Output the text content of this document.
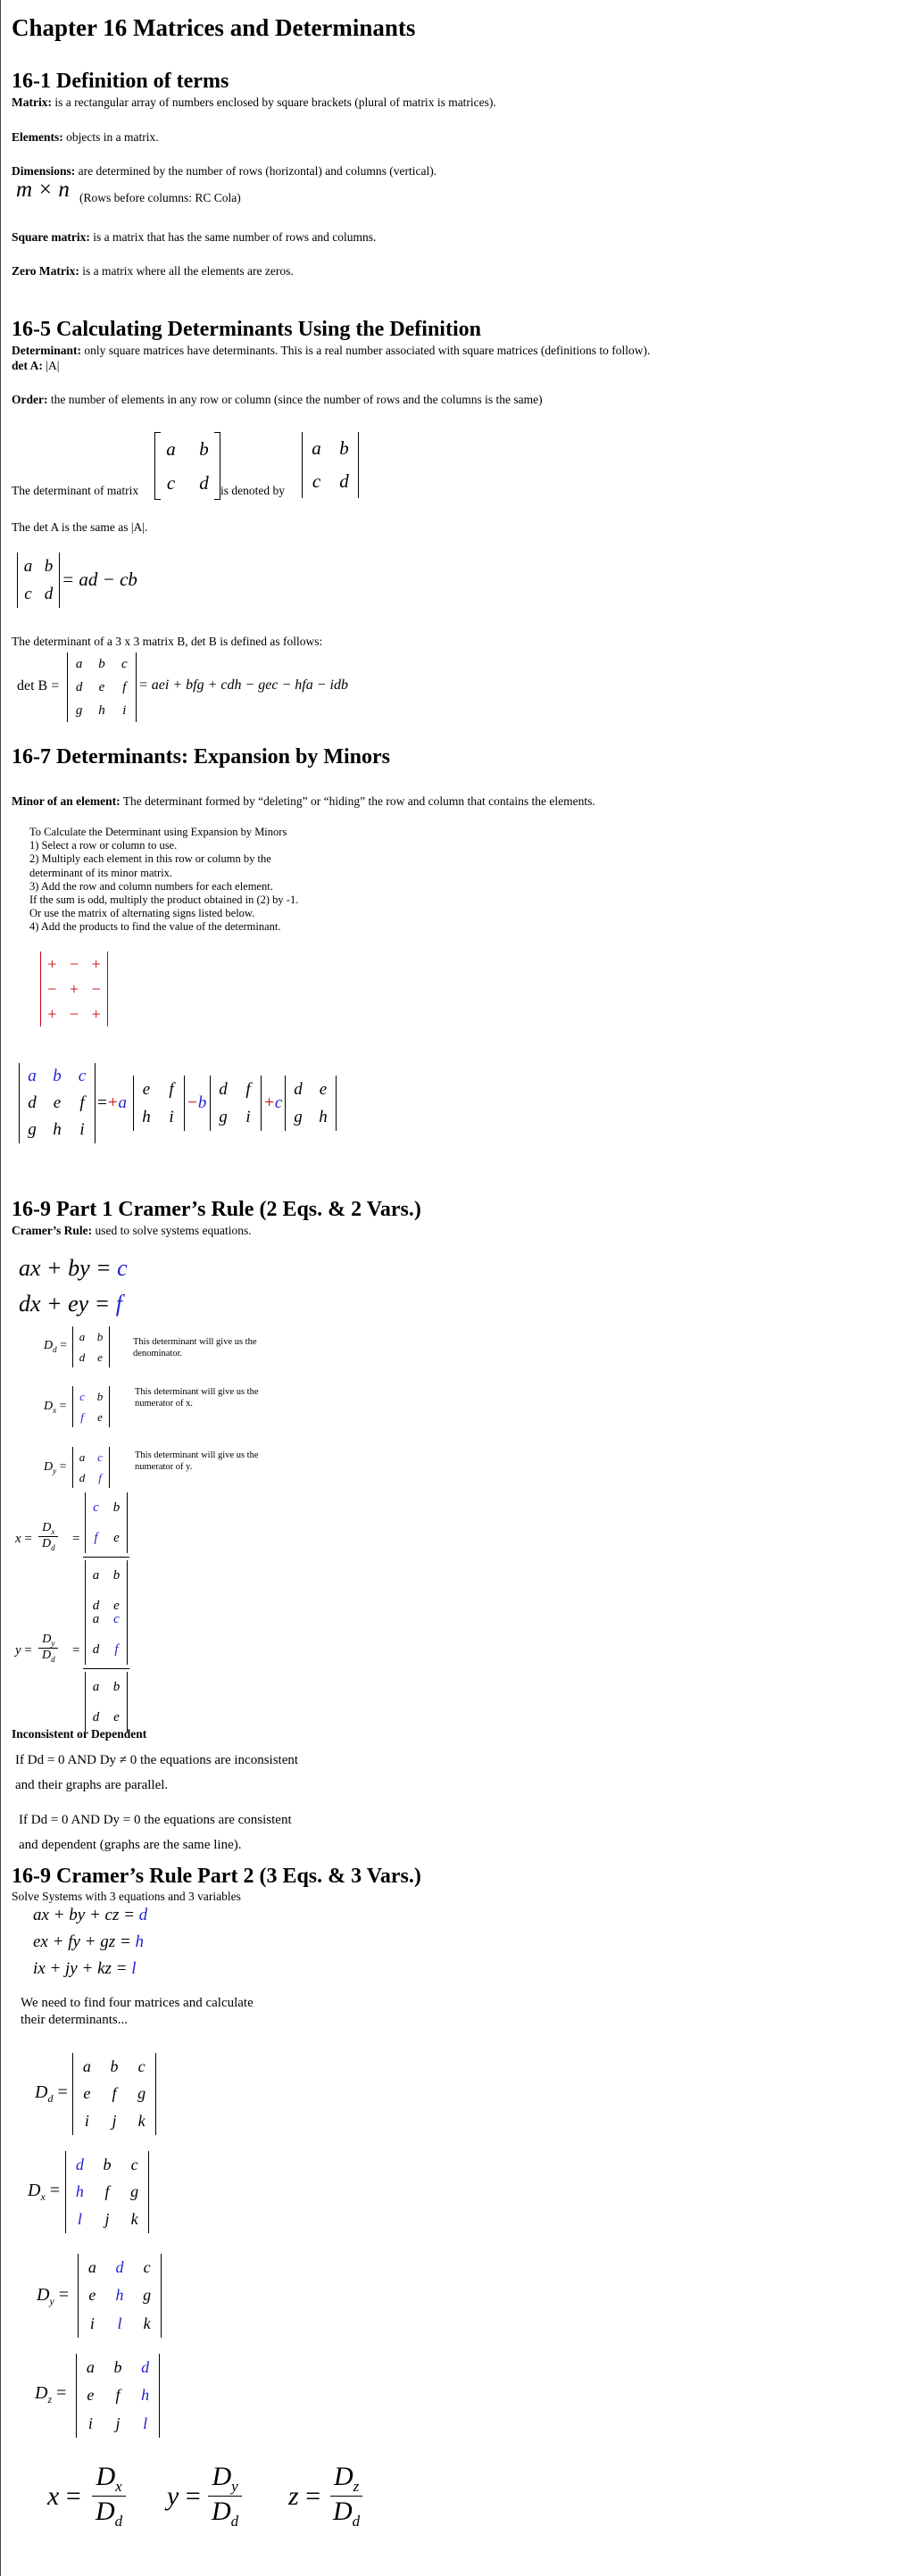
Chapter 16 Matrices and Determinants
16-1 Definition of terms

Matrix: is a rectangular array of numbers enclosed by square brackets (plural of matrix is matrices).

Elements: objects in a matrix.

Dimensions: are determined by the number of rows (horizontal) and columns (vertical).

m × n (Rows before columns: RC Cola)

Square matrix: is a matrix that has the same number of rows and columns.

Zero Matrix: is a matrix where all the elements are zeros.

16-5 Calculating Determinants Using the Definition

Determinant: only square matrices have determinants. This is a real number associated with square matrices (definitions to follow).

det A: |A|

Order: the number of elements in any row or column (since the number of rows and the columns is the same)

The determinant of matrix
a b
c d is denoted by
a b
c d

The det A is the same as |A|.

a b
c d
= ad − cb

The determinant of a 3 x 3 matrix B, det B is defined as follows:

det B =
a b c
d e f
g h i
= aei + bfg + cdh − gec − hfa − idb
16-7 Determinants: Expansion by Minors

Minor of an element: The determinant formed by “deleting” or “hiding” the row and column that contains the elements.

To Calculate the Determinant using Expansion by Minors
1) Select a row or column to use.
2) Multiply each element in this row or column by the
determinant of its minor matrix.
3) Add the row and column numbers for each element.
If the sum is odd, multiply the product obtained in (2) by -1.
Or use the matrix of alternating signs listed below.
4) Add the products to find the value of the determinant.
+ − +
− + −
+ − +
a b c
d e f
g h i
=+a
e f
h i
−b
d f
g i
+c
d e
g h
16-9 Part 1 Cramer’s Rule (2 Eqs. & 2 Vars.)

Cramer’s Rule: used to solve systems equations.

ax + by = c
dx + ey = f
$D_d$ =
a b
d e
This determinant will give us the denominator.
$D_x$ =
c b
f e
This determinant will give us the numerator of x.
$D_y$ =
a c
d f
This determinant will give us the numerator of y.
$x = \frac{D_x}{D_d}$ =
c b
f e
a b
d e
$y = \frac{D_y}{D_d}$ =
a c
d f
a b
d e

Inconsistent or Dependent

If Dd = 0 AND Dy ≠ 0 the equations are inconsistent

and their graphs are parallel.

If Dd = 0 AND Dy = 0 the equations are consistent

and dependent (graphs are the same line).

16-9 Cramer’s Rule Part 2 (3 Eqs. & 3 Vars.)

Solve Systems with 3 equations and 3 variables

ax + by + cz = d
ex + fy + gz = h
ix + jy + kz = l

We need to find four matrices and calculate

their determinants...

$D_d$ =
a b c
e f g
i j k
$D_x$ =
d b c
h f g
l j k
$D_y$ =
a d c
e h g
i l k
$D_z$ =
a b d
e f h
i j l
$x = \frac{D_x}{D_d}$ $y = \frac{D_y}{D_d}$ $z = \frac{D_z}{D_d}$
